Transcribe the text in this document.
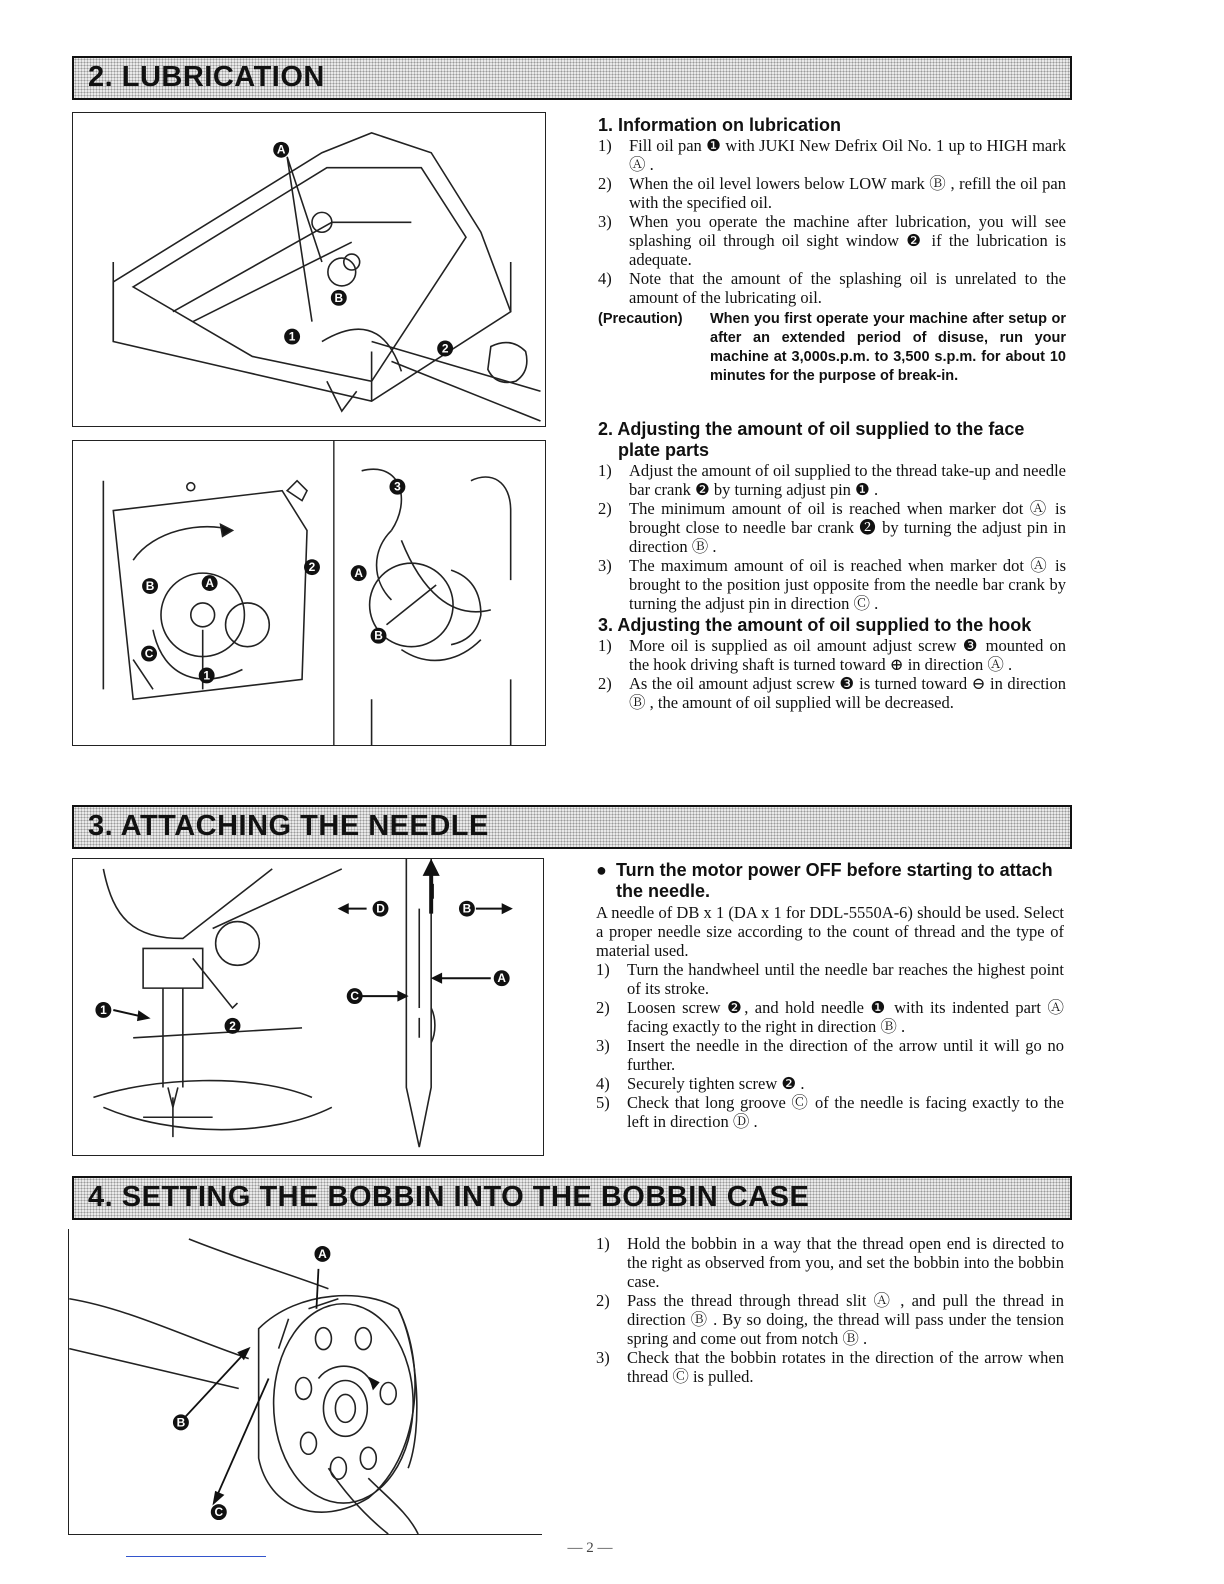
2. LUBRICATION
A
B
1
2
B	A
2
C
1
3
A
B
1. Information on lubrication
1)	Fill oil pan ❶ with JUKI New Defrix Oil No. 1 up to HIGH mark Ⓐ .
2)	When the oil level lowers below LOW mark Ⓑ , refill the oil pan with the specified oil.
3)	When you operate the machine after lubrication, you will see splashing oil through oil sight window ❷ if the lubrication is adequate.
4)	Note that the amount of the splashing oil is unrelated to the amount of the lubricating oil.
(Precaution)	When you first operate your machine after setup or after an extended period of disuse, run your machine at 3,000s.p.m. to 3,500 s.p.m. for about 10 minutes for the purpose of break-in.
2. Adjusting the amount of oil supplied to the face plate parts
1)	Adjust the amount of oil supplied to the thread take-up and needle bar crank ❷ by turning adjust pin ❶ .
2)	The minimum amount of oil is reached when marker dot Ⓐ is brought close to needle bar crank ❷ by turning the adjust pin in direction Ⓑ .
3)	The maximum amount of oil is reached when marker dot Ⓐ is brought to the position just opposite from the needle bar crank by turning the adjust pin in direction Ⓒ .
3. Adjusting the amount of oil supplied to the hook
1)	More oil is supplied as oil amount adjust screw ❸ mounted on the hook driving shaft is turned toward ⊕ in direction Ⓐ .
2)	As the oil amount adjust screw ❸ is turned toward ⊖ in direction Ⓑ , the amount of oil supplied will be decreased.
3. ATTACHING THE NEEDLE
1
2
D	B
C
A
● Turn the motor power OFF before starting to attach the needle.
A needle of DB x 1 (DA x 1 for DDL-5550A-6) should be used. Select a proper needle size according to the count of thread and the type of material used.
1)	Turn the handwheel until the needle bar reaches the highest point of its stroke.
2)	Loosen screw ❷, and hold needle ❶ with its indented part Ⓐ facing exactly to the right in direction Ⓑ .
3)	Insert the needle in the direction of the arrow until it will go no further.
4)	Securely tighten screw ❷ .
5)	Check that long groove Ⓒ of the needle is facing exactly to the left in direction Ⓓ .
4. SETTING THE BOBBIN INTO THE BOBBIN CASE
A
B
C
1)	Hold the bobbin in a way that the thread open end is directed to the right as observed from you, and set the bobbin into the bobbin case.
2)	Pass the thread through thread slit Ⓐ , and pull the thread in direction Ⓑ . By so doing, the thread will pass under the tension spring and come out from notch Ⓑ .
3)	Check that the bobbin rotates in the direction of the arrow when thread Ⓒ is pulled.
— 2 —
